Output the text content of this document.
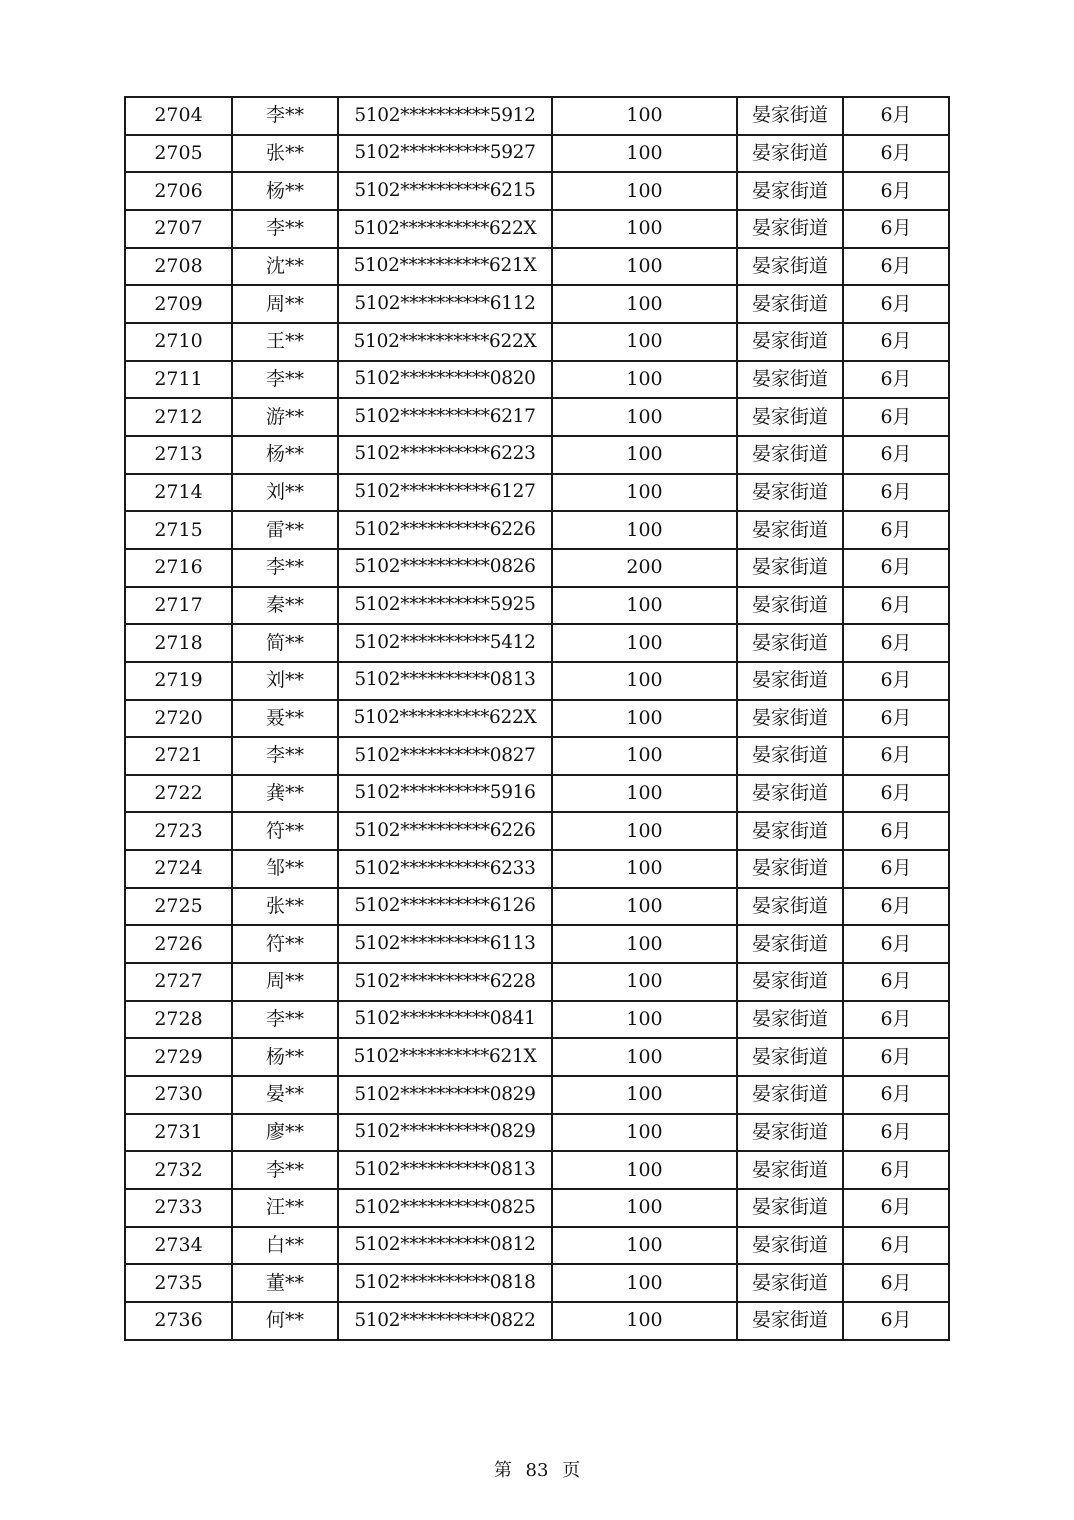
2704	李**	5102**********5912	100	晏家街道	6月
2705	张**	5102**********5927	100	晏家街道	6月
2706	杨**	5102**********6215	100	晏家街道	6月
2707	李**	5102**********622X	100	晏家街道	6月
2708	沈**	5102**********621X	100	晏家街道	6月
2709	周**	5102**********6112	100	晏家街道	6月
2710	王**	5102**********622X	100	晏家街道	6月
2711	李**	5102**********0820	100	晏家街道	6月
2712	游**	5102**********6217	100	晏家街道	6月
2713	杨**	5102**********6223	100	晏家街道	6月
2714	刘**	5102**********6127	100	晏家街道	6月
2715	雷**	5102**********6226	100	晏家街道	6月
2716	李**	5102**********0826	200	晏家街道	6月
2717	秦**	5102**********5925	100	晏家街道	6月
2718	简**	5102**********5412	100	晏家街道	6月
2719	刘**	5102**********0813	100	晏家街道	6月
2720	聂**	5102**********622X	100	晏家街道	6月
2721	李**	5102**********0827	100	晏家街道	6月
2722	龚**	5102**********5916	100	晏家街道	6月
2723	符**	5102**********6226	100	晏家街道	6月
2724	邹**	5102**********6233	100	晏家街道	6月
2725	张**	5102**********6126	100	晏家街道	6月
2726	符**	5102**********6113	100	晏家街道	6月
2727	周**	5102**********6228	100	晏家街道	6月
2728	李**	5102**********0841	100	晏家街道	6月
2729	杨**	5102**********621X	100	晏家街道	6月
2730	晏**	5102**********0829	100	晏家街道	6月
2731	廖**	5102**********0829	100	晏家街道	6月
2732	李**	5102**********0813	100	晏家街道	6月
2733	汪**	5102**********0825	100	晏家街道	6月
2734	白**	5102**********0812	100	晏家街道	6月
2735	董**	5102**********0818	100	晏家街道	6月
2736	何**	5102**********0822	100	晏家街道	6月
第 83 页
